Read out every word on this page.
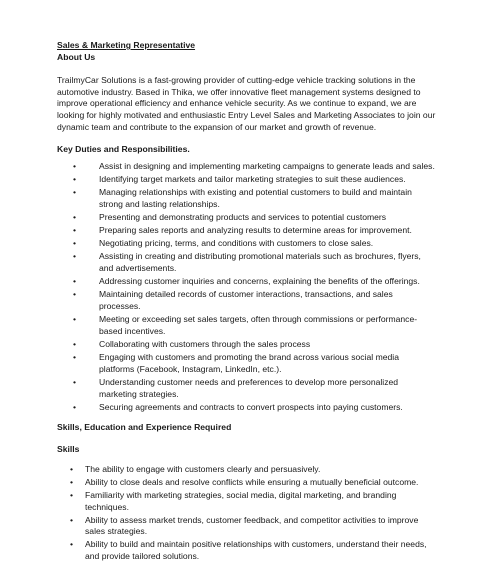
Sales & Marketing Representative

About Us

TrailmyCar Solutions is a fast-growing provider of cutting-edge vehicle tracking solutions in the automotive industry. Based in Thika, we offer innovative fleet management systems designed to improve operational efficiency and enhance vehicle security. As we continue to expand, we are looking for highly motivated and enthusiastic Entry Level Sales and Marketing Associates to join our dynamic team and contribute to the expansion of our market and growth of revenue.

Key Duties and Responsibilities.

•	Assist in designing and implementing marketing campaigns to generate leads and sales.
•	Identifying target markets and tailor marketing strategies to suit these audiences.
•	Managing relationships with existing and potential customers to build and maintain strong and lasting relationships.
•	Presenting and demonstrating products and services to potential customers
•	Preparing sales reports and analyzing results to determine areas for improvement.
•	Negotiating pricing, terms, and conditions with customers to close sales.
•	Assisting in creating and distributing promotional materials such as brochures, flyers, and advertisements.
•	Addressing customer inquiries and concerns, explaining the benefits of the offerings.
•	Maintaining detailed records of customer interactions, transactions, and sales processes.
•	Meeting or exceeding set sales targets, often through commissions or performance-based incentives.
•	Collaborating with customers through the sales process
•	Engaging with customers and promoting the brand across various social media platforms (Facebook, Instagram, LinkedIn, etc.).
•	Understanding customer needs and preferences to develop more personalized marketing strategies.
•	Securing agreements and contracts to convert prospects into paying customers.

Skills, Education and Experience Required

Skills

• The ability to engage with customers clearly and persuasively.
• Ability to close deals and resolve conflicts while ensuring a mutually beneficial outcome.
• Familiarity with marketing strategies, social media, digital marketing, and branding techniques.
• Ability to assess market trends, customer feedback, and competitor activities to improve sales strategies.
• Ability to build and maintain positive relationships with customers, understand their needs, and provide tailored solutions.
